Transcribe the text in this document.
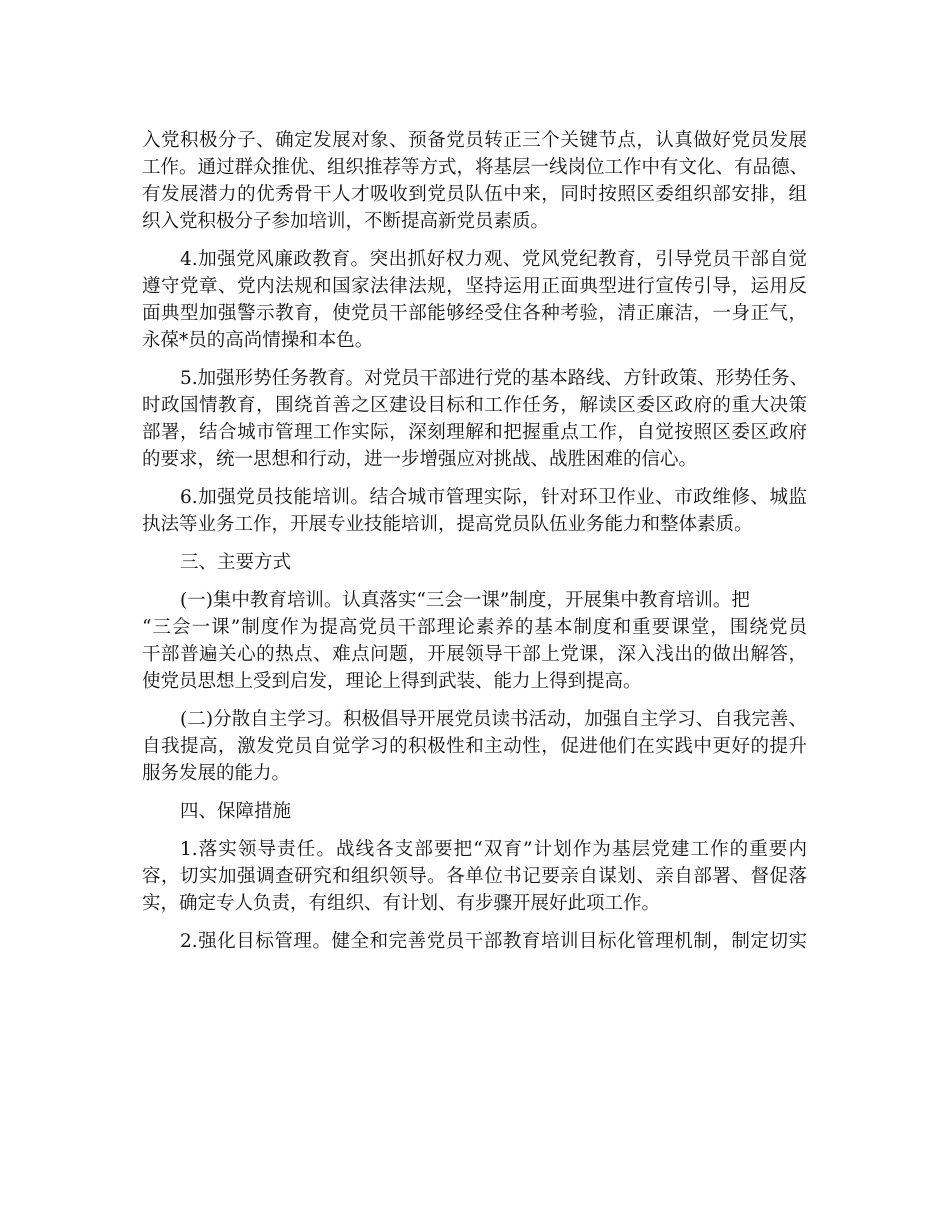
入党积极分子、确定发展对象、预备党员转正三个关键节点，认真做好党员发展
工作。通过群众推优、组织推荐等方式，将基层一线岗位工作中有文化、有品德、
有发展潜力的优秀骨干人才吸收到党员队伍中来，同时按照区委组织部安排，组
织入党积极分子参加培训，不断提高新党员素质。
4.加强党风廉政教育。突出抓好权力观、党风党纪教育，引导党员干部自觉
遵守党章、党内法规和国家法律法规，坚持运用正面典型进行宣传引导，运用反
面典型加强警示教育，使党员干部能够经受住各种考验，清正廉洁，一身正气，
永葆*员的高尚情操和本色。
5.加强形势任务教育。对党员干部进行党的基本路线、方针政策、形势任务、
时政国情教育，围绕首善之区建设目标和工作任务，解读区委区政府的重大决策
部署，结合城市管理工作实际，深刻理解和把握重点工作，自觉按照区委区政府
的要求，统一思想和行动，进一步增强应对挑战、战胜困难的信心。
6.加强党员技能培训。结合城市管理实际，针对环卫作业、市政维修、城监
执法等业务工作，开展专业技能培训，提高党员队伍业务能力和整体素质。
三、主要方式
(一)集中教育培训。认真落实“三会一课”制度，开展集中教育培训。把
“三会一课”制度作为提高党员干部理论素养的基本制度和重要课堂，围绕党员
干部普遍关心的热点、难点问题，开展领导干部上党课，深入浅出的做出解答，
使党员思想上受到启发，理论上得到武装、能力上得到提高。
(二)分散自主学习。积极倡导开展党员读书活动，加强自主学习、自我完善、
自我提高，激发党员自觉学习的积极性和主动性，促进他们在实践中更好的提升
服务发展的能力。
四、保障措施
1.落实领导责任。战线各支部要把“双育”计划作为基层党建工作的重要内
容，切实加强调查研究和组织领导。各单位书记要亲自谋划、亲自部署、督促落
实，确定专人负责，有组织、有计划、有步骤开展好此项工作。
2.强化目标管理。健全和完善党员干部教育培训目标化管理机制，制定切实
